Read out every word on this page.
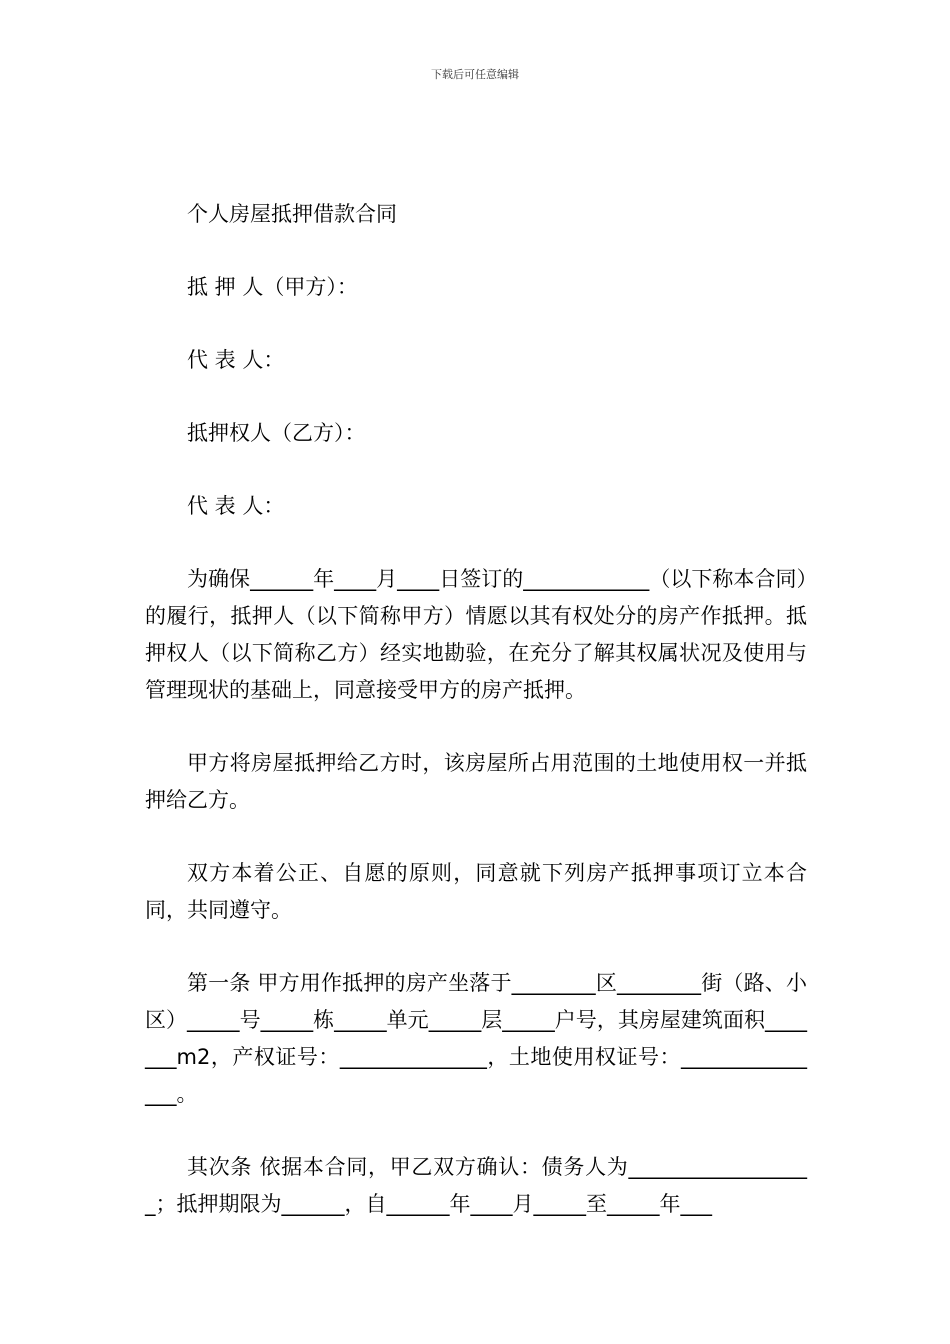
下载后可任意编辑

个人房屋抵押借款合同

抵 押 人（甲方）：

代 表 人：

抵押权人（乙方）：

代 表 人：

为确保______年____月____日签订的____________（以下称本合同）的履行，抵押人（以下简称甲方）情愿以其有权处分的房产作抵押。抵押权人（以下简称乙方）经实地勘验，在充分了解其权属状况及使用与管理现状的基础上，同意接受甲方的房产抵押。

甲方将房屋抵押给乙方时，该房屋所占用范围的土地使用权一并抵押给乙方。

双方本着公正、自愿的原则，同意就下列房产抵押事项订立本合同，共同遵守。

第一条 甲方用作抵押的房产坐落于________区________街（路、小区）_____号_____栋_____单元_____层_____户号，其房屋建筑面积_______m2，产权证号：______________，土地使用权证号：_______________。

其次条 依据本合同，甲乙双方确认：债务人为__________________；抵押期限为______，自______年____月_____至_____年___
